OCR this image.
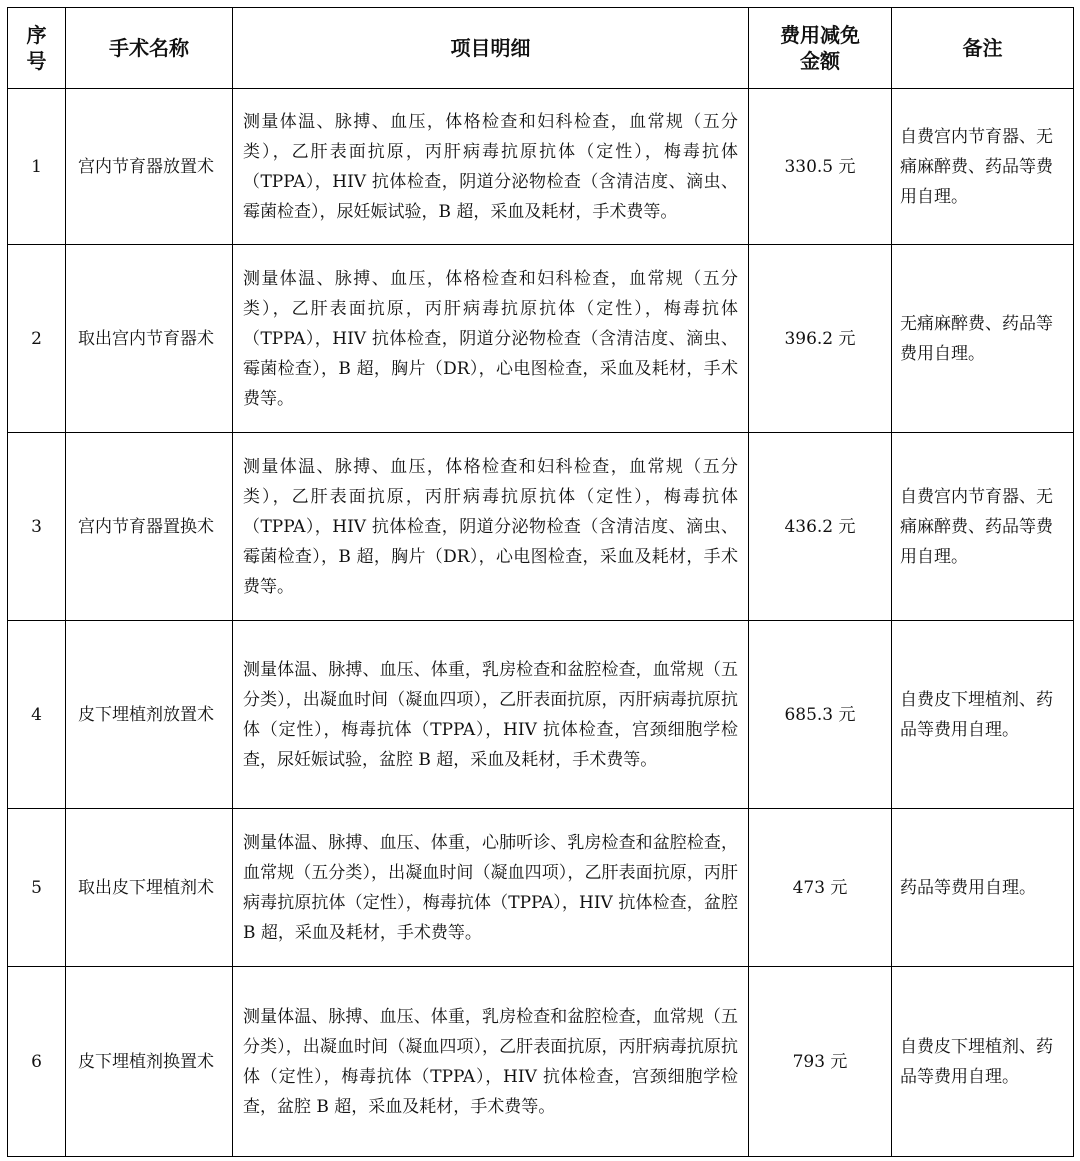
序号	手术名称	项目明细	费用减免金额	备注
1	宫内节育器放置术	测量体温、脉搏、血压，体格检查和妇科检查，血常规（五分类），乙肝表面抗原，丙肝病毒抗原抗体（定性），梅毒抗体（TPPA），HIV 抗体检查，阴道分泌物检查（含清洁度、滴虫、霉菌检查），尿妊娠试验，B 超，采血及耗材，手术费等。	330.5 元	自费宫内节育器、无痛麻醉费、药品等费用自理。
2	取出宫内节育器术	测量体温、脉搏、血压，体格检查和妇科检查，血常规（五分类），乙肝表面抗原，丙肝病毒抗原抗体（定性），梅毒抗体（TPPA），HIV 抗体检查，阴道分泌物检查（含清洁度、滴虫、霉菌检查），B 超，胸片（DR），心电图检查，采血及耗材，手术费等。	396.2 元	无痛麻醉费、药品等费用自理。
3	宫内节育器置换术	测量体温、脉搏、血压，体格检查和妇科检查，血常规（五分类），乙肝表面抗原，丙肝病毒抗原抗体（定性），梅毒抗体（TPPA），HIV 抗体检查，阴道分泌物检查（含清洁度、滴虫、霉菌检查），B 超，胸片（DR），心电图检查，采血及耗材，手术费等。	436.2 元	自费宫内节育器、无痛麻醉费、药品等费用自理。
4	皮下埋植剂放置术	测量体温、脉搏、血压、体重，乳房检查和盆腔检查，血常规（五分类），出凝血时间（凝血四项），乙肝表面抗原，丙肝病毒抗原抗体（定性），梅毒抗体（TPPA），HIV 抗体检查，宫颈细胞学检查，尿妊娠试验，盆腔 B 超，采血及耗材，手术费等。	685.3 元	自费皮下埋植剂、药品等费用自理。
5	取出皮下埋植剂术	测量体温、脉搏、血压、体重，心肺听诊、乳房检查和盆腔检查，血常规（五分类），出凝血时间（凝血四项），乙肝表面抗原，丙肝病毒抗原抗体（定性），梅毒抗体（TPPA），HIV 抗体检查，盆腔 B 超，采血及耗材，手术费等。	473 元	药品等费用自理。
6	皮下埋植剂换置术	测量体温、脉搏、血压、体重，乳房检查和盆腔检查，血常规（五分类），出凝血时间（凝血四项），乙肝表面抗原，丙肝病毒抗原抗体（定性），梅毒抗体（TPPA），HIV 抗体检查，宫颈细胞学检查，盆腔 B 超，采血及耗材，手术费等。	793 元	自费皮下埋植剂、药品等费用自理。
